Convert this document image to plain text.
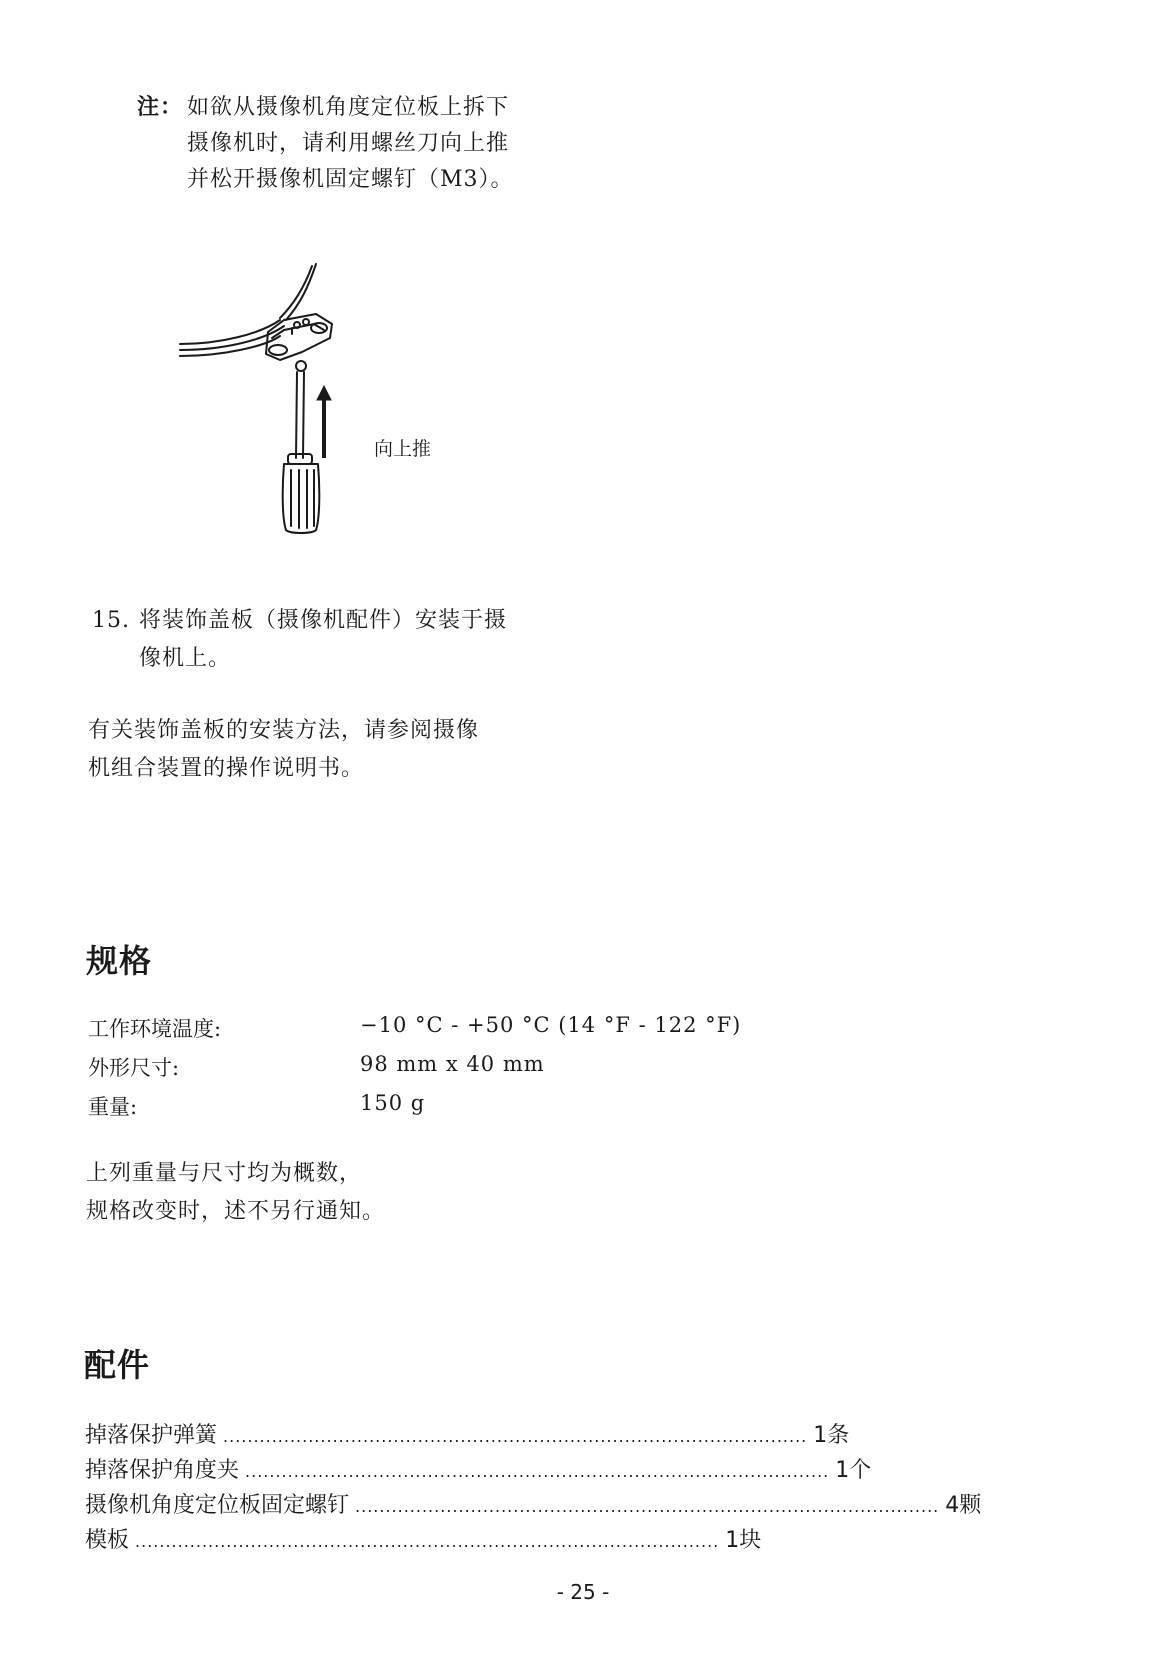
注： 如欲从摄像机角度定位板上拆下
摄像机时，请利用螺丝刀向上推
并松开摄像机固定螺钉（M3）。
向上推
15. 将装饰盖板（摄像机配件）安装于摄
像机上。
有关装饰盖板的安装方法，请参阅摄像
机组合装置的操作说明书。
规格
工作环境温度:	−10 °C - +50 °C (14 °F - 122 °F)
外形尺寸:	98 mm x 40 mm
重量:	150 g
上列重量与尺寸均为概数，
规格改变时，述不另行通知。
配件
掉落保护弹簧 ................................................................................................ 1条
掉落保护角度夹 ................................................................................................ 1个
摄像机角度定位板固定螺钉 ................................................................................................ 4颗
模板 ................................................................................................ 1块
- 25 -
